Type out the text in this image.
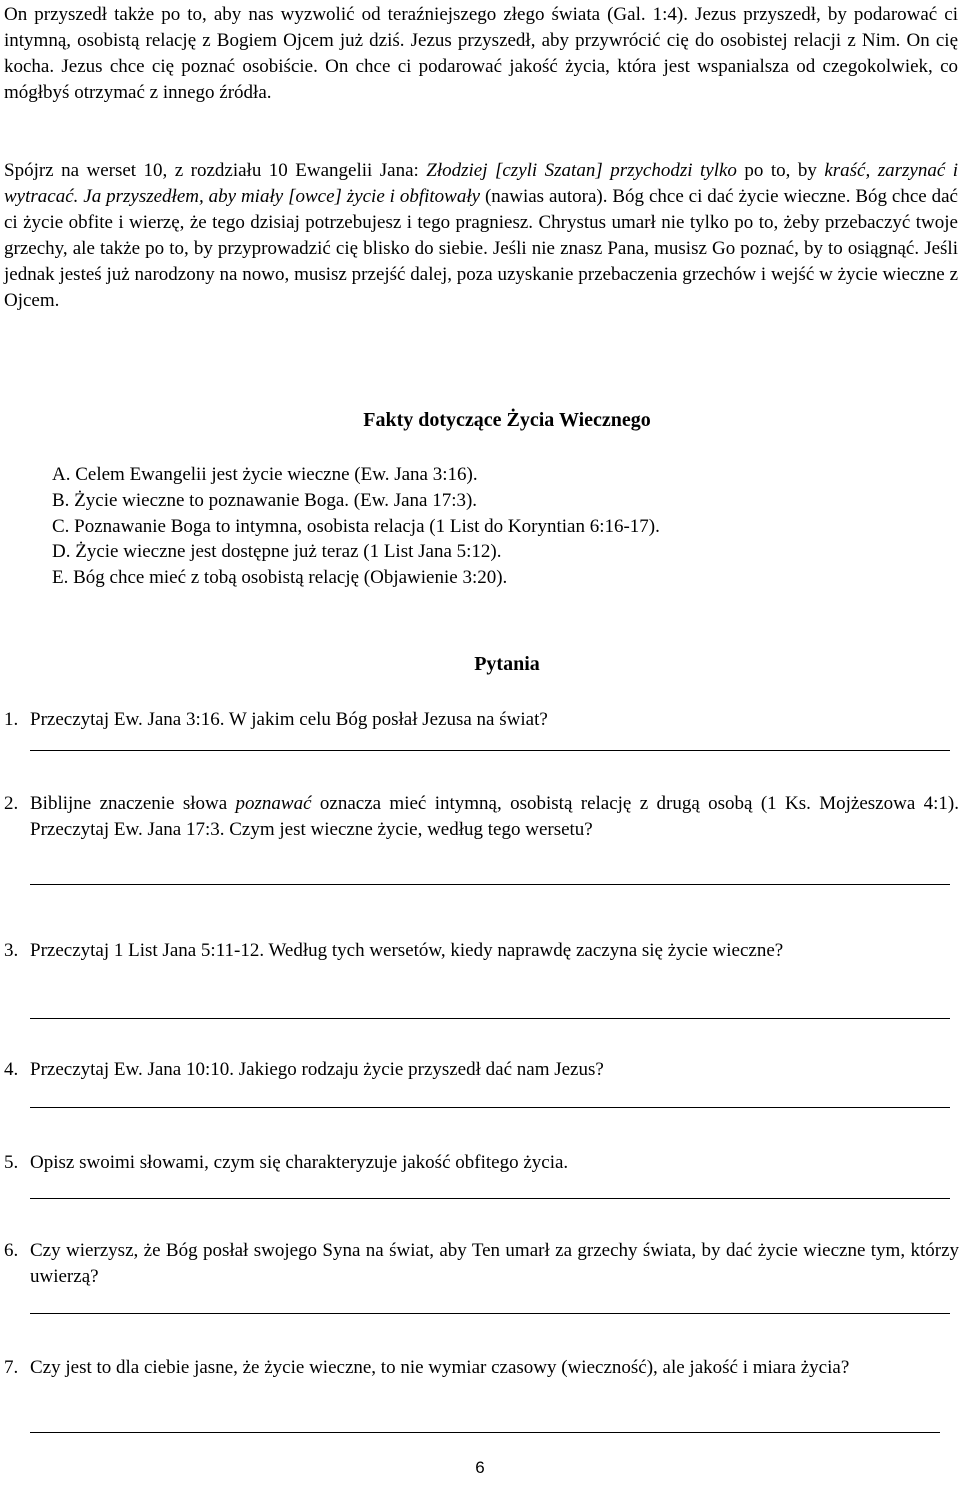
On przyszedł także po to, aby nas wyzwolić od teraźniejszego złego świata (Gal. 1:4). Jezus przyszedł, by podarować ci intymną, osobistą relację z Bogiem Ojcem już dziś. Jezus przyszedł, aby przywrócić cię do osobistej relacji z Nim. On cię kocha. Jezus chce cię poznać osobiście. On chce ci podarować jakość życia, która jest wspanialsza od czegokolwiek, co mógłbyś otrzymać z innego źródła.

Spójrz na werset 10, z rozdziału 10 Ewangelii Jana: Złodziej [czyli Szatan] przychodzi tylko po to, by kraść, zarzynać i wytracać. Ja przyszedłem, aby miały [owce] życie i obfitowały (nawias autora). Bóg chce ci dać życie wieczne. Bóg chce dać ci życie obfite i wierzę, że tego dzisiaj potrzebujesz i tego pragniesz. Chrystus umarł nie tylko po to, żeby przebaczyć twoje grzechy, ale także po to, by przyprowadzić cię blisko do siebie. Jeśli nie znasz Pana, musisz Go poznać, by to osiągnąć. Jeśli jednak jesteś już narodzony na nowo, musisz przejść dalej, poza uzyskanie przebaczenia grzechów i wejść w życie wieczne z Ojcem.

Fakty dotyczące Życia Wiecznego
A. Celem Ewangelii jest życie wieczne (Ew. Jana 3:16).
B. Życie wieczne to poznawanie Boga. (Ew. Jana 17:3).
C. Poznawanie Boga to intymna, osobista relacja (1 List do Koryntian 6:16-17).
D. Życie wieczne jest dostępne już teraz (1 List Jana 5:12).
E. Bóg chce mieć z tobą osobistą relację (Objawienie 3:20).
Pytania
1. Przeczytaj Ew. Jana 3:16. W jakim celu Bóg posłał Jezusa na świat?

2. Biblijne znaczenie słowa poznawać oznacza mieć intymną, osobistą relację z drugą osobą (1 Ks. Mojżeszowa 4:1). Przeczytaj Ew. Jana 17:3. Czym jest wieczne życie, według tego wersetu?

3. Przeczytaj 1 List Jana 5:11-12. Według tych wersetów, kiedy naprawdę zaczyna się życie wieczne?

4. Przeczytaj Ew. Jana 10:10. Jakiego rodzaju życie przyszedł dać nam Jezus?

5. Opisz swoimi słowami, czym się charakteryzuje jakość obfitego życia.

6. Czy wierzysz, że Bóg posłał swojego Syna na świat, aby Ten umarł za grzechy świata, by dać życie wieczne tym, którzy uwierzą?

7. Czy jest to dla ciebie jasne, że życie wieczne, to nie wymiar czasowy (wieczność), ale jakość i miara życia?

6
